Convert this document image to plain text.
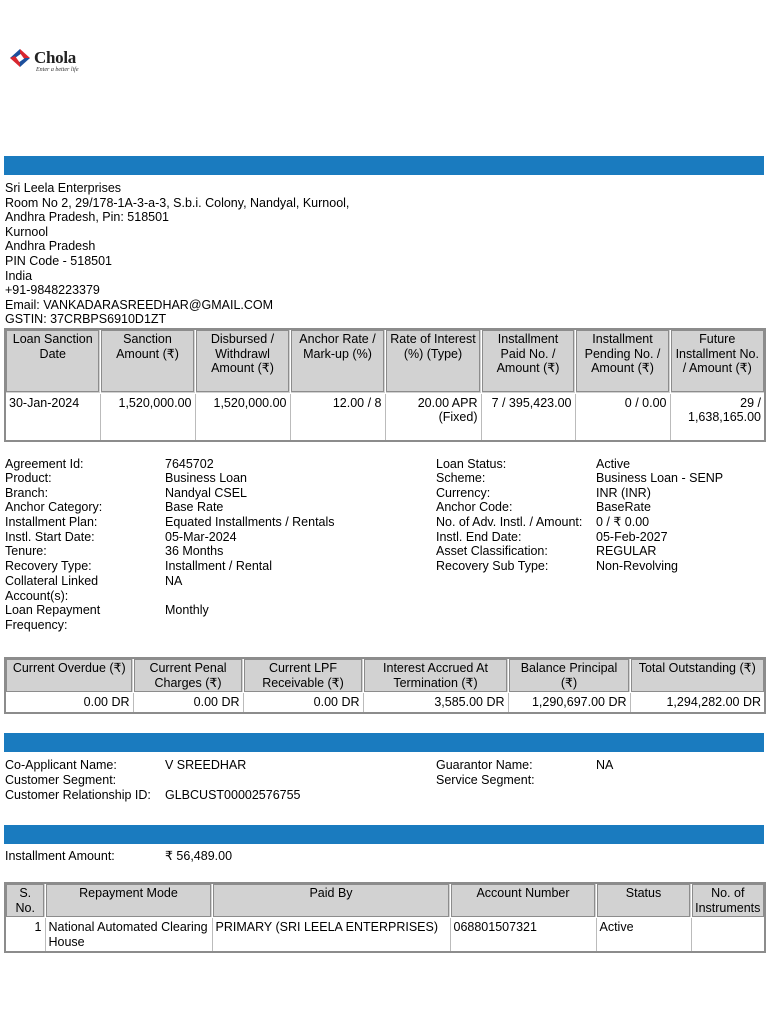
Chola
Enter a better life
Sri Leela Enterprises
Room No 2, 29/178-1A-3-a-3, S.b.i. Colony, Nandyal, Kurnool,
Andhra Pradesh, Pin: 518501
Kurnool
Andhra Pradesh
PIN Code - 518501
India
+91-9848223379
Email: VANKADARASREEDHAR@GMAIL.COM
GSTIN: 37CRBPS6910D1ZT
Loan Sanction Date	Sanction Amount (₹)	Disbursed / Withdrawl Amount (₹)	Anchor Rate / Mark-up (%)	Rate of Interest (%) (Type)	Installment Paid No. / Amount (₹)	Installment Pending No. / Amount (₹)	Future Installment No. / Amount (₹)
30-Jan-2024	1,520,000.00	1,520,000.00	12.00 / 8	20.00 APR (Fixed)	7 / 395,423.00	0 / 0.00	29 / 1,638,165.00
Agreement Id:	7645702
Product:	Business Loan
Branch:	Nandyal CSEL
Anchor Category:	Base Rate
Installment Plan:	Equated Installments / Rentals
Instl. Start Date:	05-Mar-2024
Tenure:	36 Months
Recovery Type:	Installment / Rental
Collateral Linked Account(s):
NA
Loan Repayment Frequency:
Monthly
Loan Status:	Active
Scheme:	Business Loan - SENP
Currency:	INR (INR)
Anchor Code:	BaseRate
No. of Adv. Instl. / Amount: 0 / ₹ 0.00
Instl. End Date:	05-Feb-2027
Asset Classification:	REGULAR
Recovery Sub Type:	Non-Revolving
Current Overdue (₹)	Current Penal Charges (₹)	Current LPF Receivable (₹)	Interest Accrued At Termination (₹)	Balance Principal (₹)	Total Outstanding (₹)
0.00 DR	0.00 DR	0.00 DR	3,585.00 DR	1,290,697.00 DR	1,294,282.00 DR
Co-Applicant Name:	V SREEDHAR
Customer Segment:
Customer Relationship ID: GLBCUST00002576755
Guarantor Name:	NA
Service Segment:
Installment Amount:	₹ 56,489.00
S. No.	Repayment Mode	Paid By	Account Number	Status	No. of Instruments
1	National Automated Clearing House	PRIMARY (SRI LEELA ENTERPRISES)	068801507321	Active	
